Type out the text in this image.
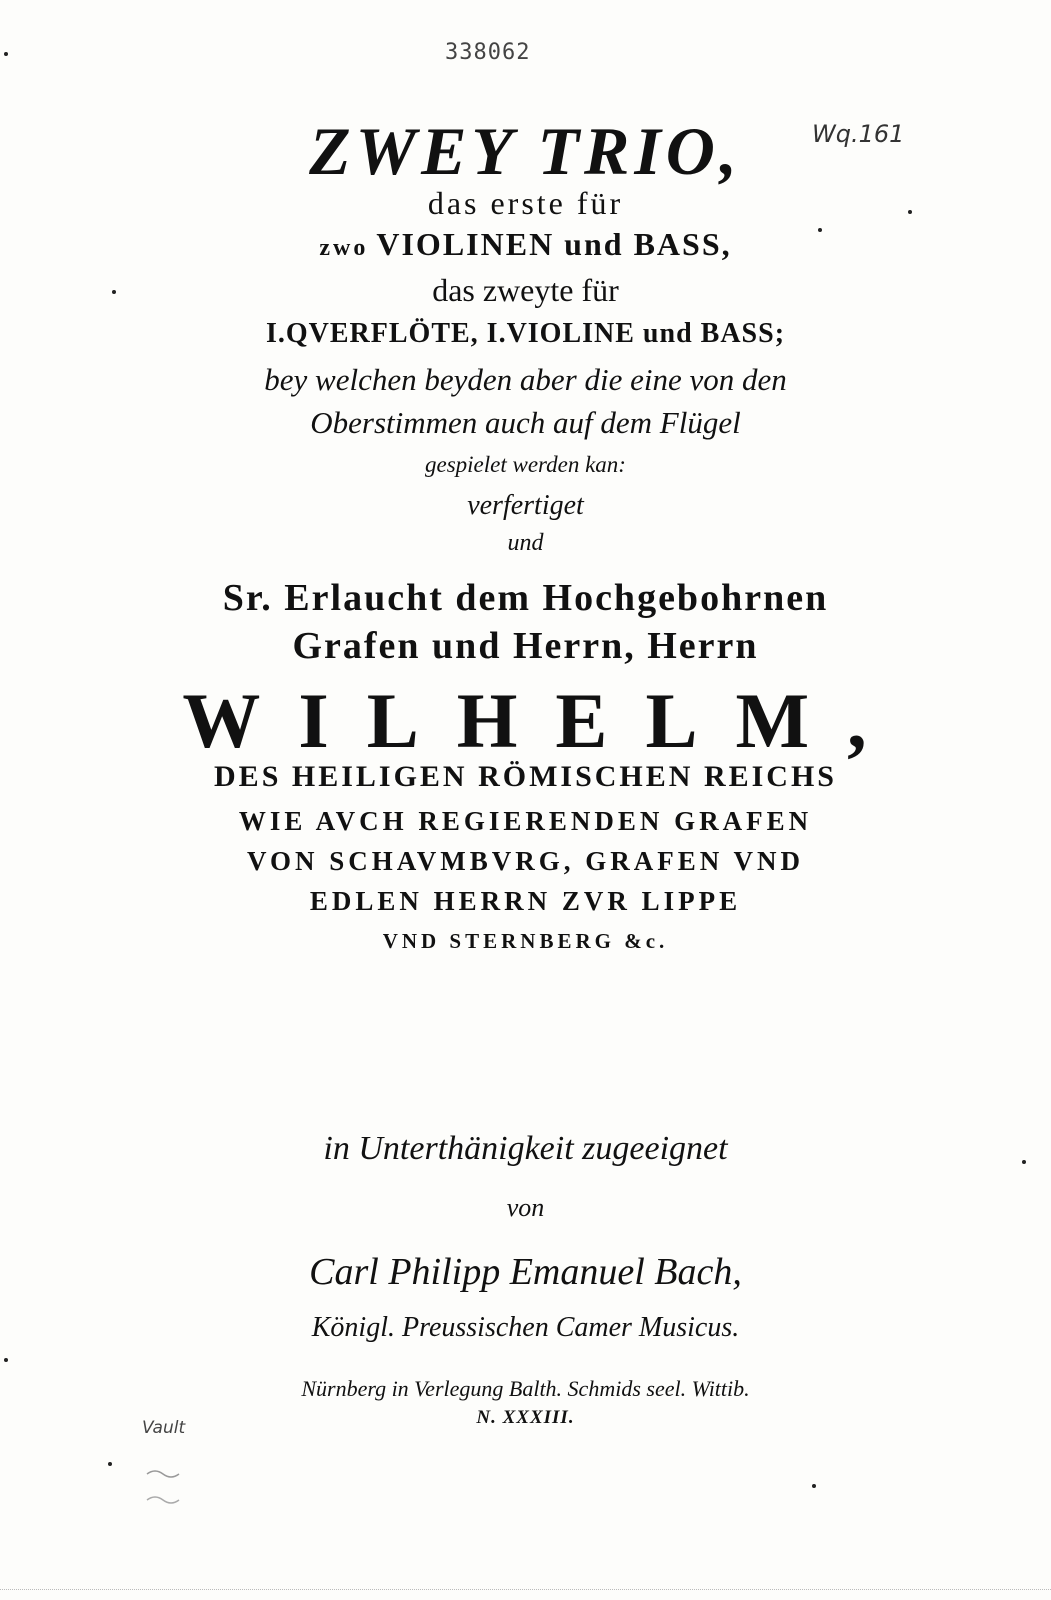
338062
Wq.161
ZWEY TRIO,
das erste für
zwo VIOLINEN und BASS,
das zweyte für
I.QVERFLÖTE, I.VIOLINE und BASS;
bey welchen beyden aber die eine von den
Oberstimmen auch auf dem Flügel
gespielet werden kan:
verfertiget
und
Sr. Erlaucht dem Hochgebohrnen
Grafen und Herrn, Herrn
WILHELM,
DES HEILIGEN RÖMISCHEN REICHS
WIE AVCH REGIERENDEN GRAFEN
VON SCHAVMBVRG, GRAFEN VND
EDLEN HERRN ZVR LIPPE
VND STERNBERG &c.
in Unterthänigkeit zugeeignet
von
Carl Philipp Emanuel Bach,
Königl. Preussischen Camer Musicus.
Nürnberg in Verlegung Balth. Schmids seel. Wittib.
N. XXXIII.
Vault
